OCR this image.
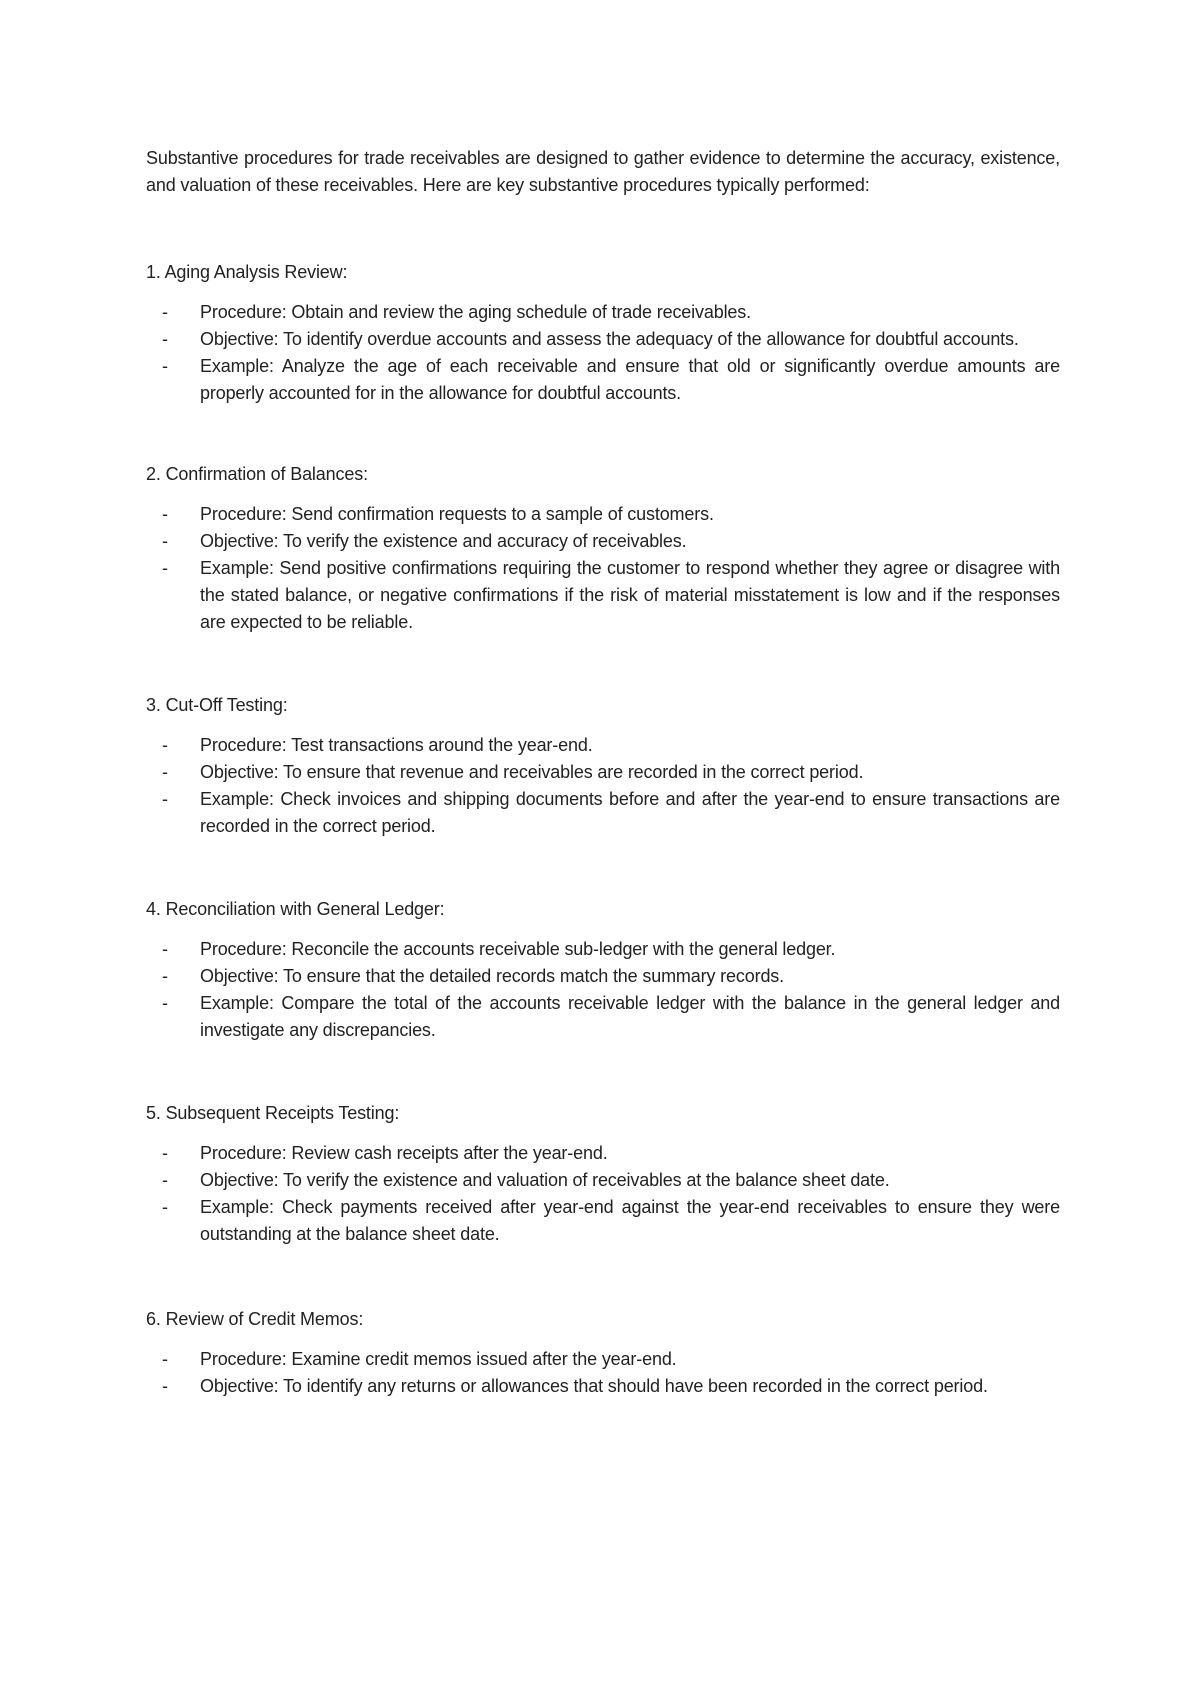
Substantive procedures for trade receivables are designed to gather evidence to determine the accuracy, existence, and valuation of these receivables. Here are key substantive procedures typically performed:

1. Aging Analysis Review:

- Procedure: Obtain and review the aging schedule of trade receivables.
- Objective: To identify overdue accounts and assess the adequacy of the allowance for doubtful accounts.
- Example: Analyze the age of each receivable and ensure that old or significantly overdue amounts are properly accounted for in the allowance for doubtful accounts.

2. Confirmation of Balances:

- Procedure: Send confirmation requests to a sample of customers.
- Objective: To verify the existence and accuracy of receivables.
- Example: Send positive confirmations requiring the customer to respond whether they agree or disagree with the stated balance, or negative confirmations if the risk of material misstatement is low and if the responses are expected to be reliable.

3. Cut-Off Testing:

- Procedure: Test transactions around the year-end.
- Objective: To ensure that revenue and receivables are recorded in the correct period.
- Example: Check invoices and shipping documents before and after the year-end to ensure transactions are recorded in the correct period.

4. Reconciliation with General Ledger:

- Procedure: Reconcile the accounts receivable sub-ledger with the general ledger.
- Objective: To ensure that the detailed records match the summary records.
- Example: Compare the total of the accounts receivable ledger with the balance in the general ledger and investigate any discrepancies.

5. Subsequent Receipts Testing:

- Procedure: Review cash receipts after the year-end.
- Objective: To verify the existence and valuation of receivables at the balance sheet date.
- Example: Check payments received after year-end against the year-end receivables to ensure they were outstanding at the balance sheet date.

6. Review of Credit Memos:

- Procedure: Examine credit memos issued after the year-end.
- Objective: To identify any returns or allowances that should have been recorded in the correct period.
